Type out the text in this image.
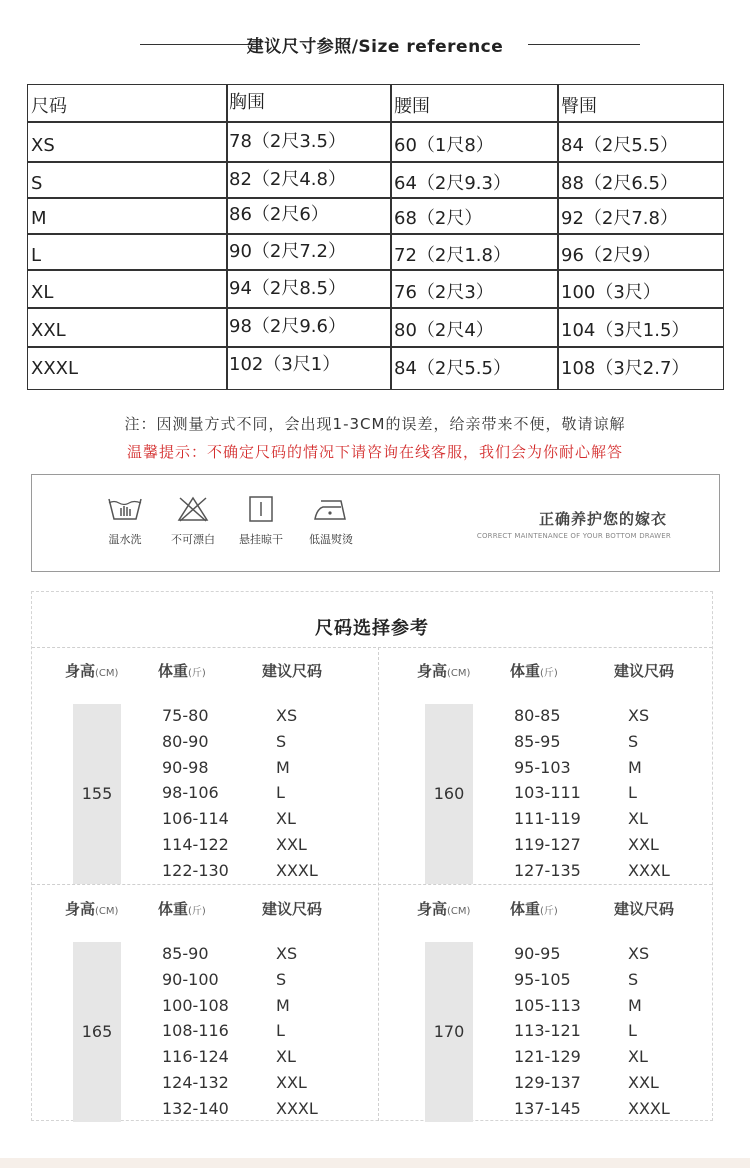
建议尺寸参照/Size reference
尺码	胸围	腰围	臀围
XS	78（2尺3.5）	60（1尺8）	84（2尺5.5）
S	82（2尺4.8）	64（2尺9.3）	88（2尺6.5）
M	86（2尺6）	68（2尺）	92（2尺7.8）
L	90（2尺7.2）	72（2尺1.8）	96（2尺9）
XL	94（2尺8.5）	76（2尺3）	100（3尺）
XXL	98（2尺9.6）	80（2尺4）	104（3尺1.5）
XXXL	102（3尺1）	84（2尺5.5）	108（3尺2.7）
注：因测量方式不同，会出现1-3CM的误差，给亲带来不便，敬请谅解
温馨提示：不确定尺码的情况下请咨询在线客服，我们会为你耐心解答
温水洗	不可漂白	悬挂晾干	低温熨烫
正确养护您的嫁衣
CORRECT MAINTENANCE OF YOUR BOTTOM DRAWER
尺码选择参考
身高(CM)	体重(斤)	建议尺码
155
75-80	XS
80-90	S
90-98	M
98-106	L
106-114	XL
114-122	XXL
122-130	XXXL
身高(CM)	体重(斤)	建议尺码
160
80-85	XS
85-95	S
95-103	M
103-111	L
111-119	XL
119-127	XXL
127-135	XXXL
身高(CM)	体重(斤)	建议尺码
165
85-90	XS
90-100	S
100-108	M
108-116	L
116-124	XL
124-132	XXL
132-140	XXXL
身高(CM)	体重(斤)	建议尺码
170
90-95	XS
95-105	S
105-113	M
113-121	L
121-129	XL
129-137	XXL
137-145	XXXL
